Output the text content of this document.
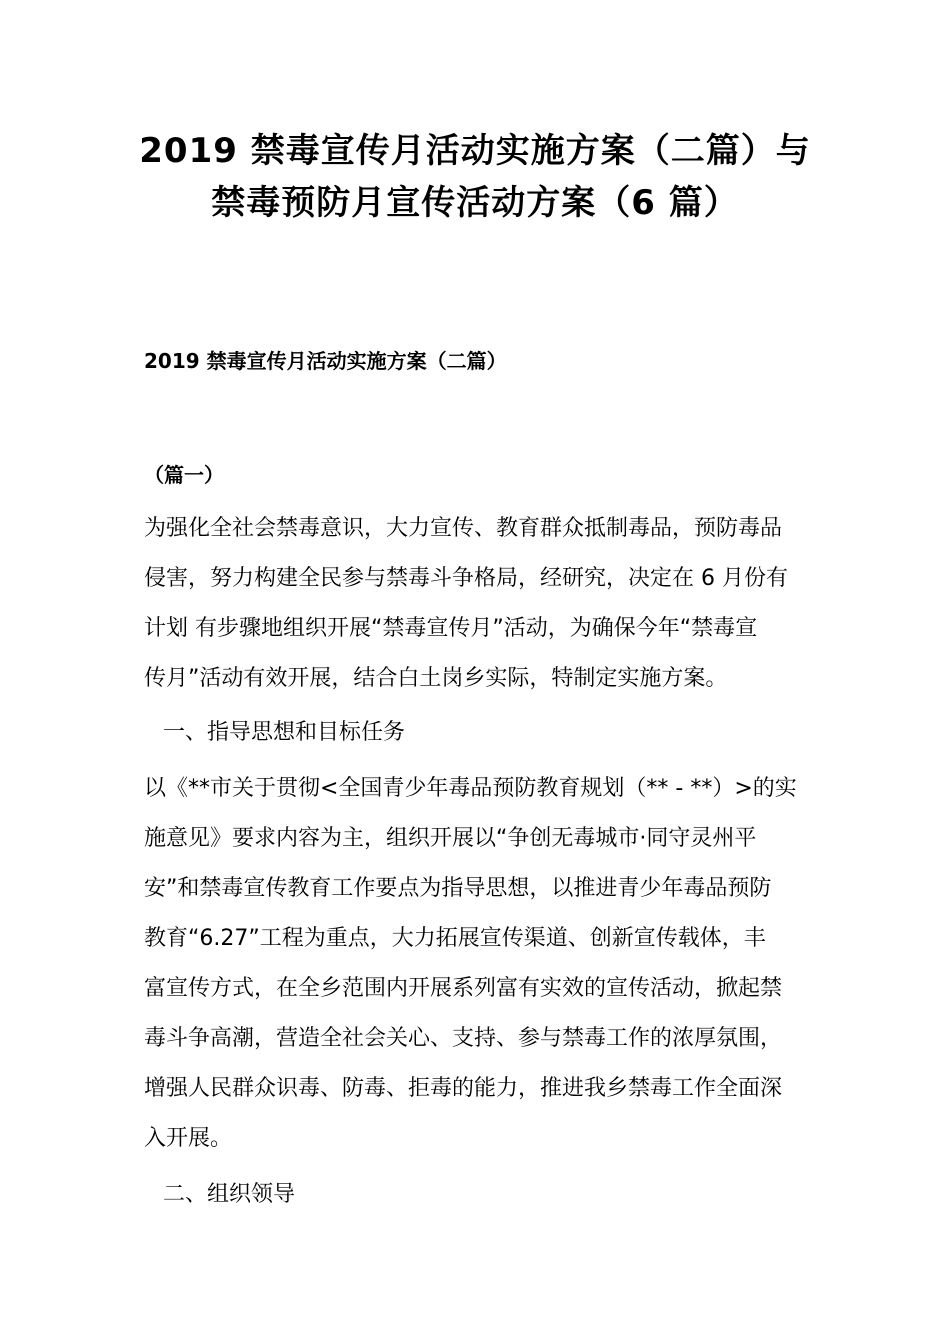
2019 禁毒宣传月活动实施方案（二篇）与
禁毒预防月宣传活动方案（6 篇）
2019 禁毒宣传月活动实施方案（二篇）
（篇一）
为强化全社会禁毒意识，大力宣传、教育群众抵制毒品，预防毒品
侵害，努力构建全民参与禁毒斗争格局，经研究，决定在 6 月份有
计划 有步骤地组织开展“禁毒宣传月”活动，为确保今年“禁毒宣
传月”活动有效开展，结合白土岗乡实际，特制定实施方案。
一、指导思想和目标任务
以《**市关于贯彻<全国青少年毒品预防教育规划（** - **）>的实
施意见》要求内容为主，组织开展以“争创无毒城市·同守灵州平
安”和禁毒宣传教育工作要点为指导思想，以推进青少年毒品预防
教育“6.27”工程为重点，大力拓展宣传渠道、创新宣传载体，丰
富宣传方式，在全乡范围内开展系列富有实效的宣传活动，掀起禁
毒斗争高潮，营造全社会关心、支持、参与禁毒工作的浓厚氛围，
增强人民群众识毒、防毒、拒毒的能力，推进我乡禁毒工作全面深
入开展。
二、组织领导
